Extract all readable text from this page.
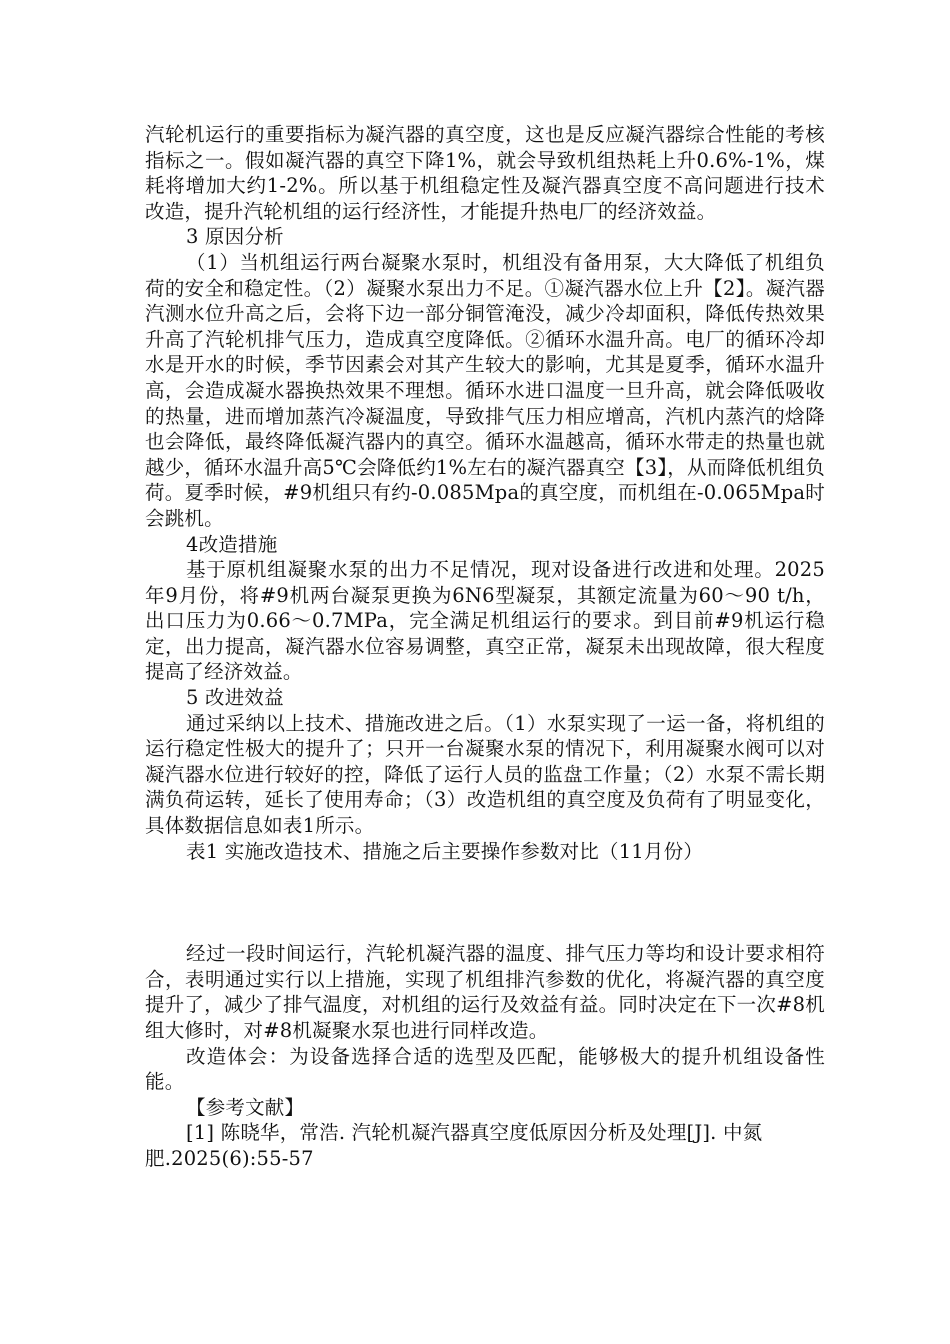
汽轮机运行的重要指标为凝汽器的真空度，这也是反应凝汽器综合性能的考核指标之一。假如凝汽器的真空下降1%，就会导致机组热耗上升0.6%-1%，煤耗将增加大约1-2%。所以基于机组稳定性及凝汽器真空度不高问题进行技术改造，提升汽轮机组的运行经济性，才能提升热电厂的经济效益。

3 原因分析

（1）当机组运行两台凝聚水泵时，机组没有备用泵，大大降低了机组负荷的安全和稳定性。（2）凝聚水泵出力不足。①凝汽器水位上升【2】。凝汽器汽测水位升高之后，会将下边一部分铜管淹没，减少冷却面积，降低传热效果升高了汽轮机排气压力，造成真空度降低。②循环水温升高。电厂的循环冷却水是开水的时候，季节因素会对其产生较大的影响，尤其是夏季，循环水温升高，会造成凝水器换热效果不理想。循环水进口温度一旦升高，就会降低吸收的热量，进而增加蒸汽冷凝温度，导致排气压力相应增高，汽机内蒸汽的焓降也会降低，最终降低凝汽器内的真空。循环水温越高，循环水带走的热量也就越少，循环水温升高5℃会降低约1%左右的凝汽器真空【3】，从而降低机组负荷。夏季时候，#9机组只有约-0.085Mpa的真空度，而机组在-0.065Mpa时会跳机。

4改造措施

基于原机组凝聚水泵的出力不足情况，现对设备进行改进和处理。2025年9月份，将#9机两台凝泵更换为6N6型凝泵，其额定流量为60～90 t/h，出口压力为0.66～0.7MPa，完全满足机组运行的要求。到目前#9机运行稳定，出力提高，凝汽器水位容易调整，真空正常，凝泵未出现故障，很大程度提高了经济效益。

5 改进效益

通过采纳以上技术、措施改进之后。（1）水泵实现了一运一备，将机组的运行稳定性极大的提升了；只开一台凝聚水泵的情况下，利用凝聚水阀可以对凝汽器水位进行较好的控，降低了运行人员的监盘工作量；（2）水泵不需长期满负荷运转，延长了使用寿命；（3）改造机组的真空度及负荷有了明显变化，具体数据信息如表1所示。

表1 实施改造技术、措施之后主要操作参数对比（11月份）

经过一段时间运行，汽轮机凝汽器的温度、排气压力等均和设计要求相符合，表明通过实行以上措施，实现了机组排汽参数的优化，将凝汽器的真空度提升了，减少了排气温度，对机组的运行及效益有益。同时决定在下一次#8机组大修时，对#8机凝聚水泵也进行同样改造。

改造体会：为设备选择合适的选型及匹配，能够极大的提升机组设备性能。

【参考文献】

[1] 陈晓华，常浩. 汽轮机凝汽器真空度低原因分析及处理[J]. 中氮肥.2025(6):55-57
